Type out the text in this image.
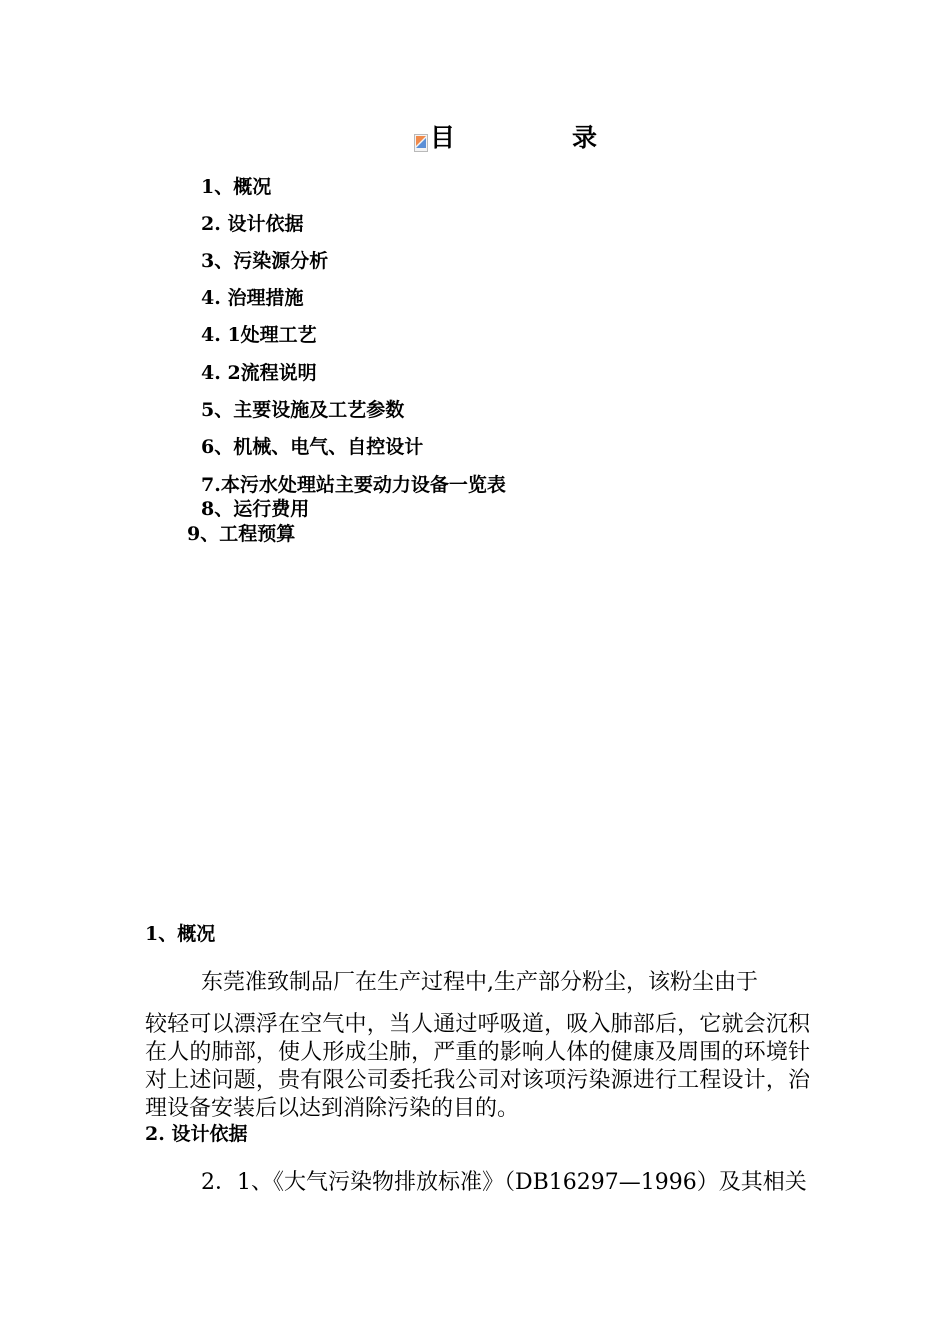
目　录
1、概况
2. 设计依据
3、污染源分析
4. 治理措施
4. 1处理工艺
4. 2流程说明
5、主要设施及工艺参数
6、机械、电气、自控设计
7.本污水处理站主要动力设备一览表
8、运行费用
9、工程预算
1、概况
东莞准致制品厂在生产过程中,生产部分粉尘，该粉尘由于
较轻可以漂浮在空气中，当人通过呼吸道，吸入肺部后，它就会沉积在人的肺部，使人形成尘肺，严重的影响人体的健康及周围的环境针对上述问题，贵有限公司委托我公司对该项污染源进行工程设计，治理设备安装后以达到消除污染的目的。
2. 设计依据
2．1、《大气污染物排放标准》（DB16297—1996）及其相关
